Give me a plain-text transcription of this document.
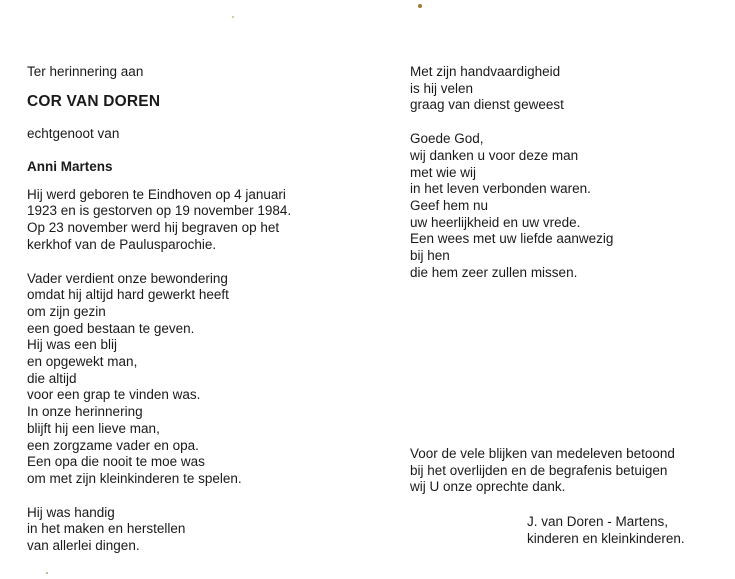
Ter herinnering aan
COR VAN DOREN
echtgenoot van
Anni Martens
Hij werd geboren te Eindhoven op 4 januari
1923 en is gestorven op 19 november 1984.
Op 23 november werd hij begraven op het
kerkhof van de Paulusparochie.
Vader verdient onze bewondering
omdat hij altijd hard gewerkt heeft
om zijn gezin
een goed bestaan te geven.
Hij was een blij
en opgewekt man,
die altijd
voor een grap te vinden was.
In onze herinnering
blijft hij een lieve man,
een zorgzame vader en opa.
Een opa die nooit te moe was
om met zijn kleinkinderen te spelen.
Hij was handig
in het maken en herstellen
van allerlei dingen.
Met zijn handvaardigheid
is hij velen
graag van dienst geweest
Goede God,
wij danken u voor deze man
met wie wij
in het leven verbonden waren.
Geef hem nu
uw heerlijkheid en uw vrede.
Een wees met uw liefde aanwezig
bij hen
die hem zeer zullen missen.
Voor de vele blijken van medeleven betoond
bij het overlijden en de begrafenis betuigen
wij U onze oprechte dank.
J. van Doren - Martens,
kinderen en kleinkinderen.
